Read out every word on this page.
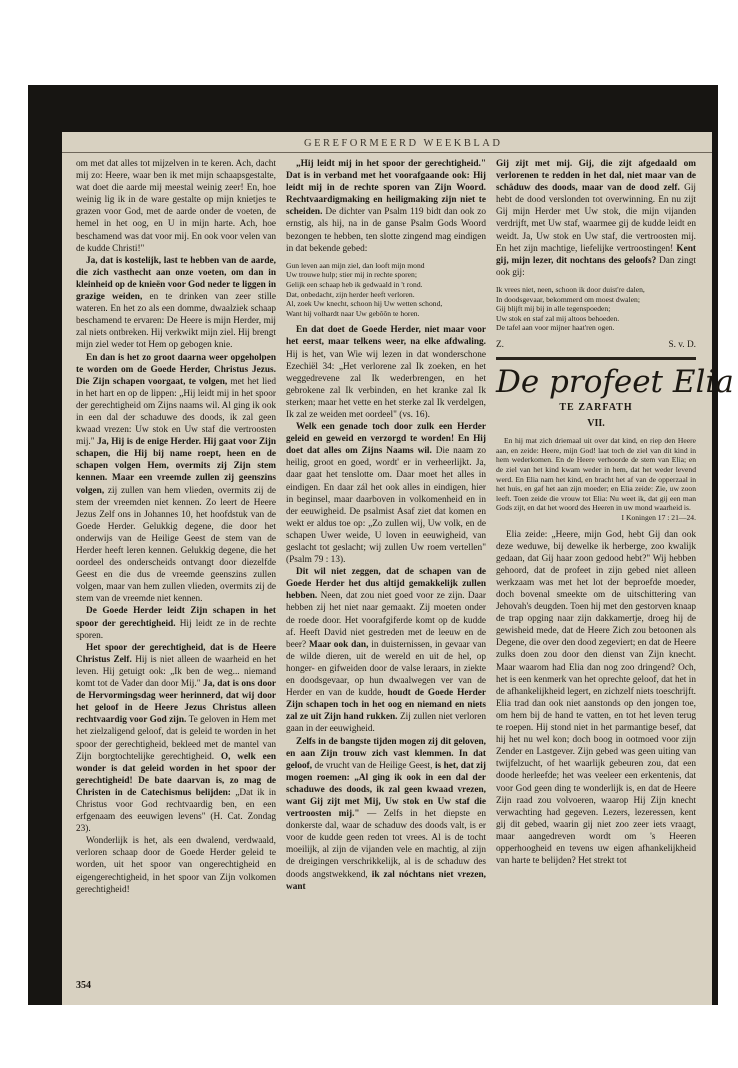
GEREFORMEERD WEEKBLAD

om met dat alles tot mijzelven in te keren. Ach, dacht mij zo: Heere, waar ben ik met mijn schaapsgestalte, wat doet die aarde mij meestal weinig zeer! En, hoe weinig lig ik in de ware gestalte op mijn knietjes te grazen voor God, met de aarde onder de voeten, de hemel in het oog, en U in mijn harte. Ach, hoe beschamend was dat voor mij. En ook voor velen van de kudde Christi!"

Ja, dat is kostelijk, last te hebben van de aarde, die zich vasthecht aan onze voeten, om dan in kleinheid op de knieën voor God neder te liggen in grazige weiden, en te drinken van zeer stille wateren. En het zo als een domme, dwaalziek schaap beschamend te ervaren: De Heere is mijn Herder, mij zal niets ontbreken. Hij verkwikt mijn ziel. Hij brengt mijn ziel weder tot Hem op gebogen knie.

En dan is het zo groot daarna weer opgeholpen te worden om de Goede Herder, Christus Jezus. Die Zijn schapen voorgaat, te volgen, met het lied in het hart en op de lippen: „Hij leidt mij in het spoor der gerechtigheid om Zijns naams wil. Al ging ik ook in een dal der schaduwe des doods, ik zal geen kwaad vrezen: Uw stok en Uw staf die vertroosten mij." Ja, Hij is de enige Herder. Hij gaat voor Zijn schapen, die Hij bij name roept, heen en de schapen volgen Hem, overmits zij Zijn stem kennen. Maar een vreemde zullen zij geenszins volgen, zij zullen van hem vlieden, overmits zij de stem der vreemden niet kennen. Zo leert de Heere Jezus Zelf ons in Johannes 10, het hoofdstuk van de Goede Herder. Gelukkig degene, die door het onderwijs van de Heilige Geest de stem van de Herder heeft leren kennen. Gelukkig degene, die het oordeel des onderscheids ontvangt door diezelfde Geest en die dus de vreemde geenszins zullen volgen, maar van hem zullen vlieden, overmits zij de stem van de vreemde niet kennen.

De Goede Herder leidt Zijn schapen in het spoor der gerechtigheid. Hij leidt ze in de rechte sporen.

Het spoor der gerechtigheid, dat is de Heere Christus Zelf. Hij is niet alleen de waarheid en het leven. Hij getuigt ook: „Ik ben de weg... niemand komt tot de Vader dan door Mij." Ja, dat is ons door de Hervormingsdag weer herinnerd, dat wij door het geloof in de Heere Jezus Christus alleen rechtvaardig voor God zijn. Te geloven in Hem met het zielzaligend geloof, dat is geleid te worden in het spoor der gerechtigheid, bekleed met de mantel van Zijn borgtochtelijke gerechtigheid. O, welk een wonder is dat geleid worden in het spoor der gerechtigheid! De bate daarvan is, zo mag de Christen in de Catechismus belijden: „Dat ik in Christus voor God rechtvaardig ben, en een erfgenaam des eeuwigen levens" (H. Cat. Zondag 23).

Wonderlijk is het, als een dwalend, verdwaald, verloren schaap door de Goede Herder geleid te worden, uit het spoor van ongerechtigheid en eigengerechtigheid, in het spoor van Zijn volkomen gerechtigheid!

„Hij leidt mij in het spoor der gerechtigheid." Dat is in verband met het voorafgaande ook: Hij leidt mij in de rechte sporen van Zijn Woord. Rechtvaardigmaking en heiligmaking zijn niet te scheiden. De dichter van Psalm 119 bidt dan ook zo ernstig, als hij, na in de ganse Psalm Gods Woord bezongen te hebben, ten slotte zingend mag eindigen in dat bekende gebed:

Gun leven aan mijn ziel, dan looft mijn mond
Uw trouwe hulp; stier mij in rechte sporen;
Gelijk een schaap heb ik gedwaald in 't rond.
Dat, onbedacht, zijn herder heeft verloren.
Al, zoek Uw knecht, schoon hij Uw wetten schond,
Want hij volhardt naar Uw gebôôn te horen.

En dat doet de Goede Herder, niet maar voor het eerst, maar telkens weer, na elke afdwaling. Hij is het, van Wie wij lezen in dat wonderschone Ezechiël 34: „Het verlorene zal Ik zoeken, en het weggedrevene zal Ik wederbrengen, en het gebrokene zal Ik verbinden, en het kranke zal Ik sterken; maar het vette en het sterke zal Ik verdelgen, Ik zal ze weiden met oordeel" (vs. 16).

Welk een genade toch door zulk een Herder geleid en geweid en verzorgd te worden! En Hij doet dat alles om Zijns Naams wil. Die naam zo heilig, groot en goed, wordt' er in verheerlijkt. Ja, daar gaat het tenslotte om. Daar moet het alles in eindigen. En daar zál het ook alles in eindigen, hier in beginsel, maar daarboven in volkomenheid en in der eeuwigheid. De psalmist Asaf ziet dat komen en wekt er aldus toe op: „Zo zullen wij, Uw volk, en de schapen Uwer weide, U loven in eeuwigheid, van geslacht tot geslacht; wij zullen Uw roem vertellen" (Psalm 79 : 13).

Dit wil niet zeggen, dat de schapen van de Goede Herder het dus altijd gemakkelijk zullen hebben. Neen, dat zou niet goed voor ze zijn. Daar hebben zij het niet naar gemaakt. Zij moeten onder de roede door. Het voorafgiferde komt op de kudde af. Heeft David niet gestreden met de leeuw en de beer? Maar ook dan, in duisternissen, in gevaar van de wilde dieren, uit de wereld en uit de hel, op honger- en gifweiden door de valse leraars, in ziekte en doodsgevaar, op hun dwaalwegen ver van de Herder en van de kudde, houdt de Goede Herder Zijn schapen toch in het oog en niemand en niets zal ze uit Zijn hand rukken. Zij zullen niet verloren gaan in der eeuwigheid.

Zelfs in de bangste tijden mogen zij dit geloven, en aan Zijn trouw zich vast klemmen. In dat geloof, de vrucht van de Heilige Geest, is het, dat zij mogen roemen: „Al ging ik ook in een dal der schaduwe des doods, ik zal geen kwaad vrezen, want Gij zijt met Mij, Uw stok en Uw staf die vertroosten mij." — Zelfs in het diepste en donkerste dal, waar de schaduw des doods valt, is er voor de kudde geen reden tot vrees. Al is de tocht moeilijk, al zijn de vijanden vele en machtig, al zijn de dreigingen verschrikkelijk, al is de schaduw des doods angstwekkend, ik zal nóchtans niet vrezen, want

Gij zijt met mij. Gij, die zijt afgedaald om verlorenen te redden in het dal, niet maar van de schâduw des doods, maar van de dood zelf. Gij hebt de dood verslonden tot overwinning. En nu zijt Gij mijn Herder met Uw stok, die mijn vijanden verdrijft, met Uw staf, waarmee gij de kudde leidt en weidt. Ja, Uw stok en Uw staf, die vertroosten mij. En het zijn machtige, liefelijke vertroostingen! Kent gij, mijn lezer, dit nochtans des geloofs? Dan zingt ook gij:

Ik vrees niet, neen, schoon ik door duist're dalen,
In doodsgevaar, bekommerd om moest dwalen;
Gij blijft mij bij in alle tegenspoeden;
Uw stok en staf zal mij altoos behoeden.
De tafel aan voor mijner haat'ren ogen.
Z.	S. v. D.
De profeet Elia
TE ZARFATH
VII.

En hij mat zich driemaal uit over dat kind, en riep den Heere aan, en zeide: Heere, mijn God! laat toch de ziel van dit kind in hem wederkomen. En de Heere verhoorde de stem van Elia; en de ziel van het kind kwam weder in hem, dat het weder levend werd. En Elia nam het kind, en bracht het af van de opperzaal in het huis, en gaf het aan zijn moeder; en Elia zeide: Zie, uw zoon leeft. Toen zeide die vrouw tot Elia: Nu weet ik, dat gij een man Gods zijt, en dat het woord des Heeren in uw mond waarheid is.

I Koningen 17 : 21—24.

Elia zeide: „Heere, mijn God, hebt Gij dan ook deze weduwe, bij dewelke ik herberge, zoo kwalijk gedaan, dat Gij haar zoon gedood hebt?" Wij hebben gehoord, dat de profeet in zijn gebed niet alleen werkzaam was met het lot der beproefde moeder, doch bovenal smeekte om de uitschittering van Jehovah's deugden. Toen hij met den gestorven knaap de trap opging naar zijn dakkamertje, droeg hij de gewisheid mede, dat de Heere Zich zou betoonen als Degene, die over den dood zegeviert; en dat de Heere zulks doen zou door den dienst van Zijn knecht. Maar waarom had Elia dan nog zoo dringend? Och, het is een kenmerk van het oprechte geloof, dat het in de afhankelijkheid legert, en zichzelf niets toeschrijft. Elia trad dan ook niet aanstonds op den jongen toe, om hem bij de hand te vatten, en tot het leven terug te roepen. Hij stond niet in het parmantige besef, dat hij het nu wel kon; doch boog in ootmoed voor zijn Zender en Lastgever. Zijn gebed was geen uiting van twijfelzucht, of het waarlijk gebeuren zou, dat een doode herleefde; het was veeleer een erkentenis, dat voor God geen ding te wonderlijk is, en dat de Heere Zijn raad zou volvoeren, waarop Hij Zijn knecht verwachting had gegeven. Lezers, lezeressen, kent gij dit gebed, waarin gij niet zoo zeer iets vraagt, maar aangedreven wordt om 's Heeren opperhoogheid en tevens uw eigen afhankelijkheid van harte te belijden? Het strekt tot

354
